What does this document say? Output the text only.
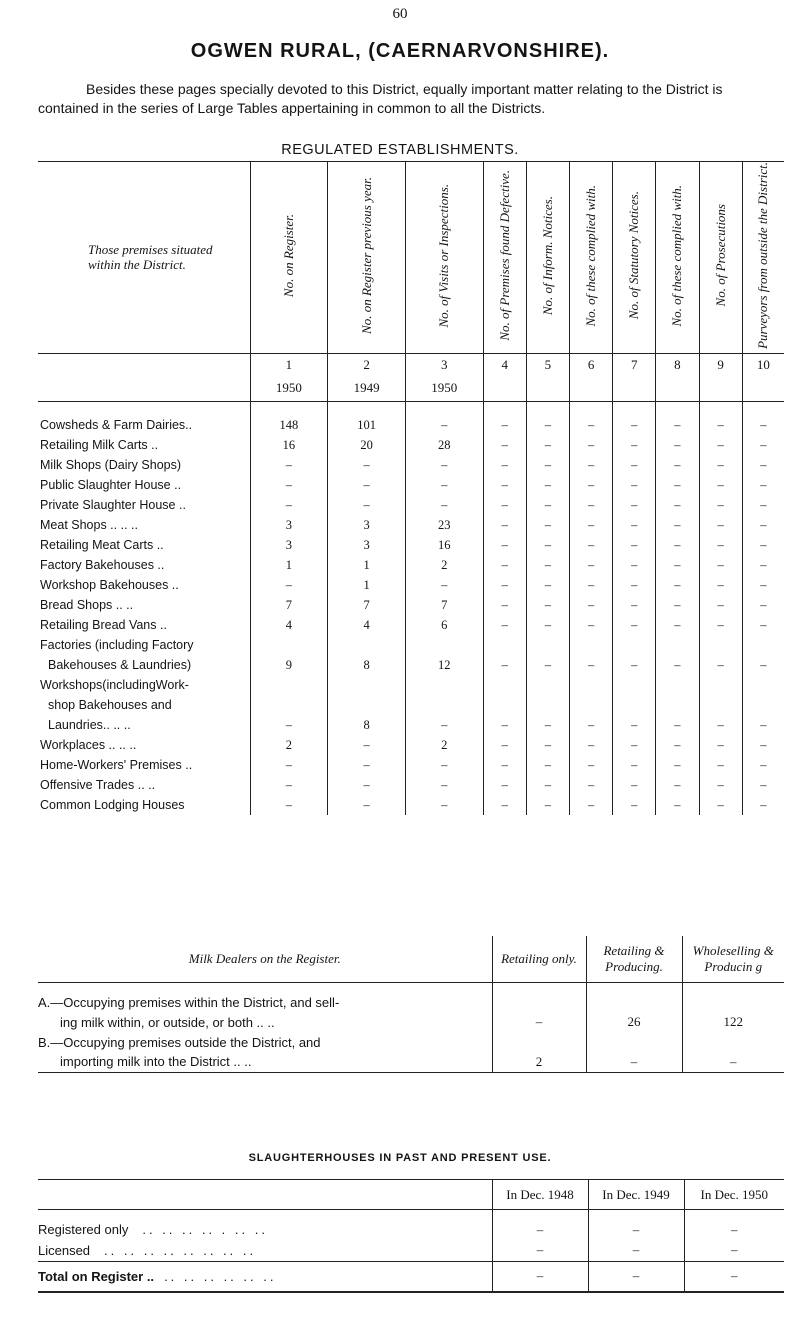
60
OGWEN RURAL, (CAERNARVONSHIRE).
Besides these pages specially devoted to this District, equally important matter relating to the District is contained in the series of Large Tables appertaining in common to all the Districts.
REGULATED ESTABLISHMENTS.
Those premises situated within the District.	No. on Register.	No. on Register previous year.	No. of Visits or Inspections.	No. of Premises found Defective.	No. of Inform. Notices.	No. of these complied with.	No. of Statutory Notices.	No. of these complied with.	No. of Prosecutions	Purveyors from outside the District.
	1	2	3	4	5	6	7	8	9	10
	1950	1949	1950							

Cowsheds & Farm Dairies..	148	101	–	–	–	–	–	–	–	–
Retailing Milk Carts ..	16	20	28	–	–	–	–	–	–	–
Milk Shops (Dairy Shops)	–	–	–	–	–	–	–	–	–	–
Public Slaughter House ..	–	–	–	–	–	–	–	–	–	–
Private Slaughter House ..	–	–	–	–	–	–	–	–	–	–
Meat Shops .. .. ..	3	3	23	–	–	–	–	–	–	–
Retailing Meat Carts ..	3	3	16	–	–	–	–	–	–	–
Factory Bakehouses ..	1	1	2	–	–	–	–	–	–	–
Workshop Bakehouses ..	–	1	–	–	–	–	–	–	–	–
Bread Shops .. ..	7	7	7	–	–	–	–	–	–	–
Retailing Bread Vans ..	4	4	6	–	–	–	–	–	–	–
Factories (including Factory										
Bakehouses & Laundries)	9	8	12	–	–	–	–	–	–	–
Workshops(includingWork-										
shop Bakehouses and										
Laundries.. .. ..	–	8	–	–	–	–	–	–	–	–
Workplaces .. .. ..	2	–	2	–	–	–	–	–	–	–
Home-Workers' Premises ..	–	–	–	–	–	–	–	–	–	–
Offensive Trades .. ..	–	–	–	–	–	–	–	–	–	–
Common Lodging Houses	–	–	–	–	–	–	–	–	–	–
Milk Dealers on the Register.	Retailing only.	Retailing & Producing.	Wholeselling & Producin g

A.—Occupying premises within the District, and sell-			
ing milk within, or outside, or both .. ..	–	26	122
B.—Occupying premises outside the District, and			
importing milk into the District .. ..	2	–	–
SLAUGHTERHOUSES IN PAST AND PRESENT USE.
	In Dec. 1948	In Dec. 1949	In Dec. 1950

Registered only .. .. .. .. . .. ..	–	–	–
Licensed .. .. .. .. .. .. .. ..	–	–	–
Total on Register .. .. .. .. .. .. ..	–	–	–
